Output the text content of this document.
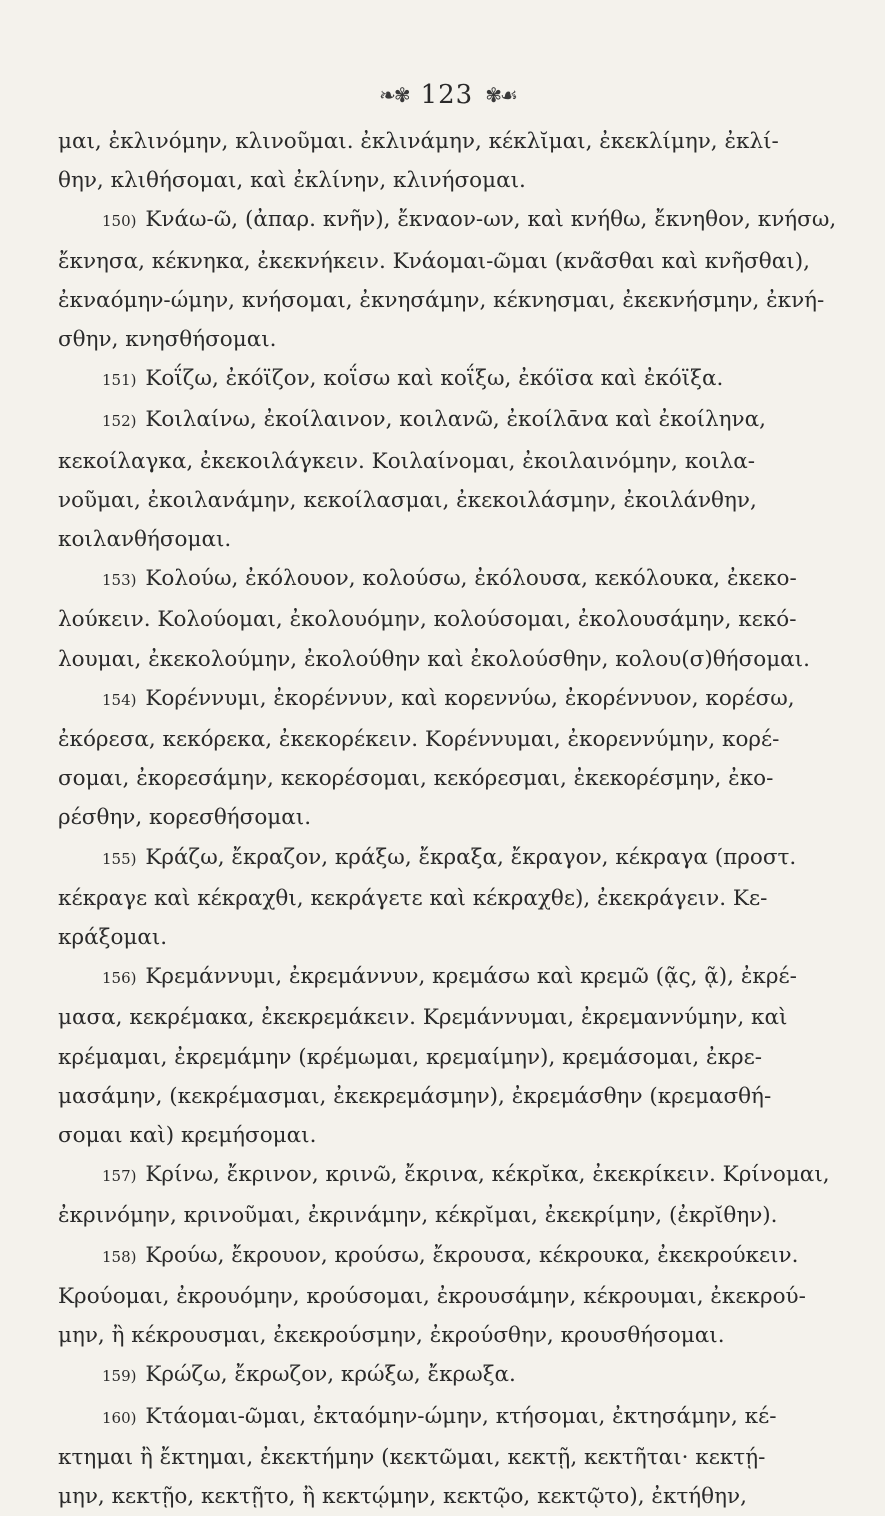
❧✾ 123 ✾☙
μαι, ἐκλινόμην, κλινοῦμαι. ἐκλινάμην, κέκλῐμαι, ἐκεκλίμην, ἐκλί-
θην, κλιθήσομαι, καὶ ἐκλίνην, κλινήσομαι.
150) Κνάω-ῶ, (ἀπαρ. κνῆν), ἔκναον-ων, καὶ κνήθω, ἔκνηθον, κνήσω,
ἔκνησα, κέκνηκα, ἐκεκνήκειν. Κνάομαι-ῶμαι (κνᾶσθαι καὶ κνῆσθαι),
ἐκναόμην-ώμην, κνήσομαι, ἐκνησάμην, κέκνησμαι, ἐκεκνήσμην, ἐκνή-
σθην, κνησθήσομαι.
151) Κοΐζω, ἐκόϊζον, κοΐσω καὶ κοΐξω, ἐκόϊσα καὶ ἐκόϊξα.
152) Κοιλαίνω, ἐκοίλαινον, κοιλανῶ, ἐκοίλᾱνα καὶ ἐκοίληνα,
κεκοίλαγκα, ἐκεκοιλάγκειν. Κοιλαίνομαι, ἐκοιλαινόμην, κοιλα-
νοῦμαι, ἐκοιλανάμην, κεκοίλασμαι, ἐκεκοιλάσμην, ἐκοιλάνθην,
κοιλανθήσομαι.
153) Κολούω, ἐκόλουον, κολούσω, ἐκόλουσα, κεκόλουκα, ἐκεκο-
λούκειν. Κολούομαι, ἐκολουόμην, κολούσομαι, ἐκολουσάμην, κεκό-
λουμαι, ἐκεκολούμην, ἐκολούθην καὶ ἐκολούσθην, κολου(σ)θήσομαι.
154) Κορέννυμι, ἐκορέννυν, καὶ κορεννύω, ἐκορέννυον, κορέσω,
ἐκόρεσα, κεκόρεκα, ἐκεκορέκειν. Κορέννυμαι, ἐκορεννύμην, κορέ-
σομαι, ἐκορεσάμην, κεκορέσομαι, κεκόρεσμαι, ἐκεκορέσμην, ἐκο-
ρέσθην, κορεσθήσομαι.
155) Κράζω, ἔκραζον, κράξω, ἔκραξα, ἔκραγον, κέκραγα (προστ.
κέκραγε καὶ κέκραχθι, κεκράγετε καὶ κέκραχθε), ἐκεκράγειν. Κε-
κράξομαι.
156) Κρεμάννυμι, ἐκρεμάννυν, κρεμάσω καὶ κρεμῶ (ᾷς, ᾷ), ἐκρέ-
μασα, κεκρέμακα, ἐκεκρεμάκειν. Κρεμάννυμαι, ἐκρεμαννύμην, καὶ
κρέμαμαι, ἐκρεμάμην (κρέμωμαι, κρεμαίμην), κρεμάσομαι, ἐκρε-
μασάμην, (κεκρέμασμαι, ἐκεκρεμάσμην), ἐκρεμάσθην (κρεμασθή-
σομαι καὶ) κρεμήσομαι.
157) Κρίνω, ἔκρινον, κρινῶ, ἔκρινα, κέκρῐκα, ἐκεκρίκειν. Κρίνομαι,
ἐκρινόμην, κρινοῦμαι, ἐκρινάμην, κέκρῐμαι, ἐκεκρίμην, (ἐκρῐθην).
158) Κρούω, ἔκρουον, κρούσω, ἔκρουσα, κέκρουκα, ἐκεκρούκειν.
Κρούομαι, ἐκρουόμην, κρούσομαι, ἐκρουσάμην, κέκρουμαι, ἐκεκρού-
μην, ἢ κέκρουσμαι, ἐκεκρούσμην, ἐκρούσθην, κρουσθήσομαι.
159) Κρώζω, ἔκρωζον, κρώξω, ἔκρωξα.
160) Κτάομαι-ῶμαι, ἐκταόμην-ώμην, κτήσομαι, ἐκτησάμην, κέ-
κτημαι ἢ ἔκτημαι, ἐκεκτήμην (κεκτῶμαι, κεκτῇ, κεκτῆται· κεκτῄ-
μην, κεκτῇο, κεκτῇτο, ἢ κεκτῴμην, κεκτῷο, κεκτῷτο), ἐκτήθην,
